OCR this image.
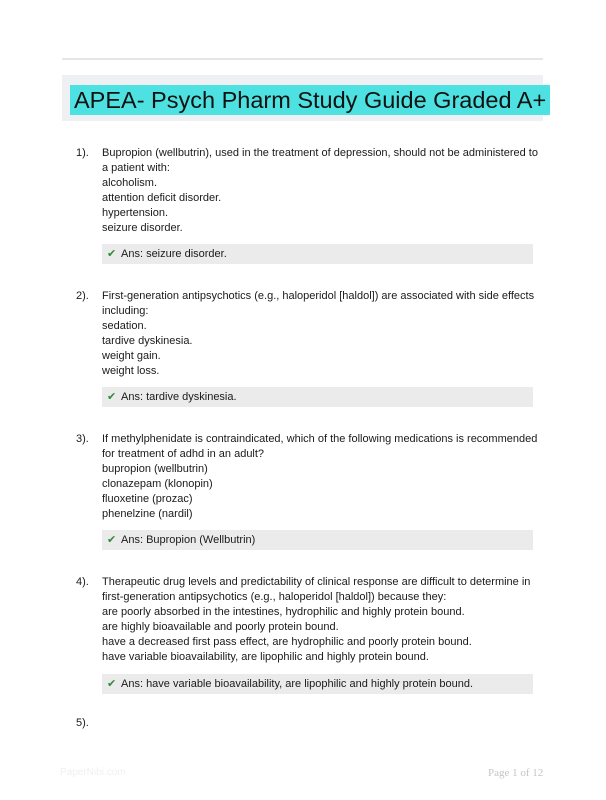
APEA- Psych Pharm Study Guide Graded A+
1). Bupropion (wellbutrin), used in the treatment of depression, should not be administered to a patient with:

alcoholism.

attention deficit disorder.

hypertension.

seizure disorder.

✔ Ans: seizure disorder.
2). First-generation antipsychotics (e.g., haloperidol [haldol]) are associated with side effects including:

sedation.

tardive dyskinesia.

weight gain.

weight loss.

✔ Ans: tardive dyskinesia.
3). If methylphenidate is contraindicated, which of the following medications is recommended for treatment of adhd in an adult?

bupropion (wellbutrin)

clonazepam (klonopin)

fluoxetine (prozac)

phenelzine (nardil)

✔ Ans: Bupropion (Wellbutrin)
4). Therapeutic drug levels and predictability of clinical response are difficult to determine in first-generation antipsychotics (e.g., haloperidol [haldol]) because they:

are poorly absorbed in the intestines, hydrophilic and highly protein bound.

are highly bioavailable and poorly protein bound.

have a decreased first pass effect, are hydrophilic and poorly protein bound.

have variable bioavailability, are lipophilic and highly protein bound.

✔ Ans: have variable bioavailability, are lipophilic and highly protein bound.
5).
PaperNibi.com	Page 1 of 12
